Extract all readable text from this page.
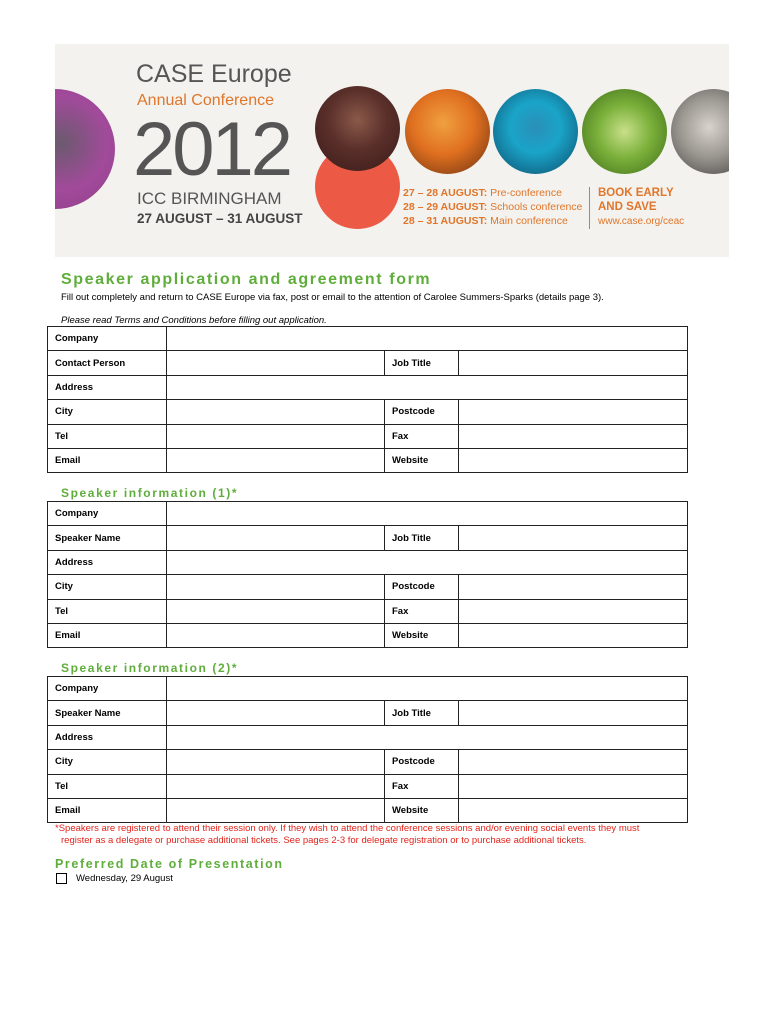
CASE Europe
Annual Conference
2012
ICC BIRMINGHAM
27 AUGUST – 31 AUGUST
27 – 28 AUGUST: Pre-conference
28 – 29 AUGUST: Schools conference
28 – 31 AUGUST: Main conference
BOOK EARLY
AND SAVE
www.case.org/ceac
Speaker application and agreement form
Fill out completely and return to CASE Europe via fax, post or email to the attention of Carolee Summers-Sparks (details page 3).
Please read Terms and Conditions before filling out application.
Company			
Contact Person		Job Title	
Address			
City		Postcode	
Tel		Fax	
Email		Website	
Speaker information (1)*
Company			
Speaker Name		Job Title	
Address			
City		Postcode	
Tel		Fax	
Email		Website	
Speaker information (2)*
Company			
Speaker Name		Job Title	
Address			
City		Postcode	
Tel		Fax	
Email		Website	
*Speakers are registered to attend their session only. If they wish to attend the conference sessions and/or evening social events they must
register as a delegate or purchase additional tickets. See pages 2-3 for delegate registration or to purchase additional tickets.
Preferred Date of Presentation
Wednesday, 29 August
